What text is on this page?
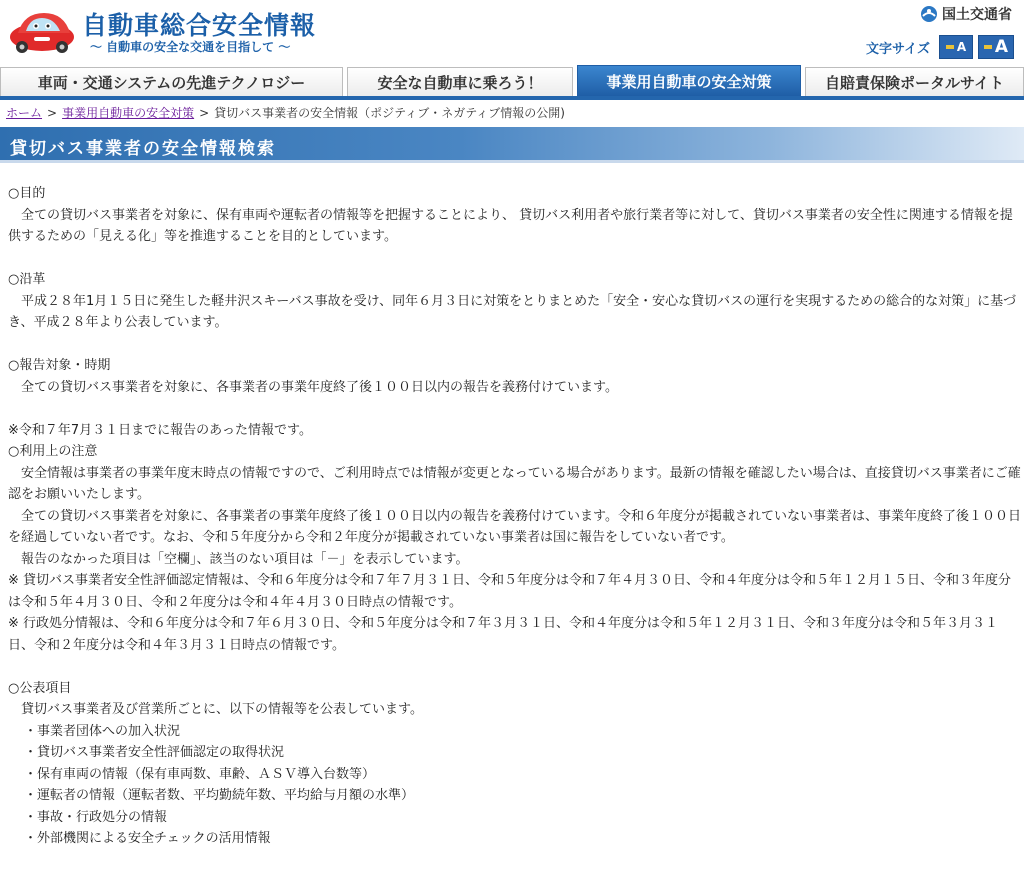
自動車総合安全情報
～ 自動車の安全な交通を目指して ～
国土交通省
文字サイズ A A
車両・交通システムの先進テクノロジー	安全な自動車に乗ろう！	事業用自動車の安全対策	自賠責保険ポータルサイト
ホーム > 事業用自動車の安全対策 > 貸切バス事業者の安全情報（ポジティブ・ネガティブ情報の公開)
貸切バス事業者の安全情報検索

○目的

全ての貸切バス事業者を対象に、保有車両や運転者の情報等を把握することにより、 貸切バス利用者や旅行業者等に対して、貸切バス事業者の安全性に関連する情報を提供するための「見える化」等を推進することを目的としています。

○沿革

平成２８年1月１５日に発生した軽井沢スキーバス事故を受け、同年６月３日に対策をとりまとめた「安全・安心な貸切バスの運行を実現するための総合的な対策」に基づき、平成２８年より公表しています。

○報告対象・時期

全ての貸切バス事業者を対象に、各事業者の事業年度終了後１００日以内の報告を義務付けています。

※令和７年7月３１日までに報告のあった情報です。

○利用上の注意

安全情報は事業者の事業年度末時点の情報ですので、ご利用時点では情報が変更となっている場合があります。最新の情報を確認したい場合は、直接貸切バス事業者にご確認をお願いいたします。

全ての貸切バス事業者を対象に、各事業者の事業年度終了後１００日以内の報告を義務付けています。令和６年度分が掲載されていない事業者は、事業年度終了後１００日を経過していない者です。なお、令和５年度分から令和２年度分が掲載されていない事業者は国に報告をしていない者です。

報告のなかった項目は「空欄」、該当のない項目は「－」を表示しています。

※ 貸切バス事業者安全性評価認定情報は、令和６年度分は令和７年７月３１日、令和５年度分は令和７年４月３０日、令和４年度分は令和５年１２月１５日、令和３年度分は令和５年４月３０日、令和２年度分は令和４年４月３０日時点の情報です。

※ 行政処分情報は、令和６年度分は令和７年６月３０日、令和５年度分は令和７年３月３１日、令和４年度分は令和５年１２月３１日、令和３年度分は令和５年３月３１日、令和２年度分は令和４年３月３１日時点の情報です。

○公表項目

貸切バス事業者及び営業所ごとに、以下の情報等を公表しています。

・事業者団体への加入状況

・貸切バス事業者安全性評価認定の取得状況

・保有車両の情報（保有車両数、車齢、ＡＳＶ導入台数等）

・運転者の情報（運転者数、平均勤続年数、平均給与月額の水準）

・事故・行政処分の情報

・外部機関による安全チェックの活用情報
